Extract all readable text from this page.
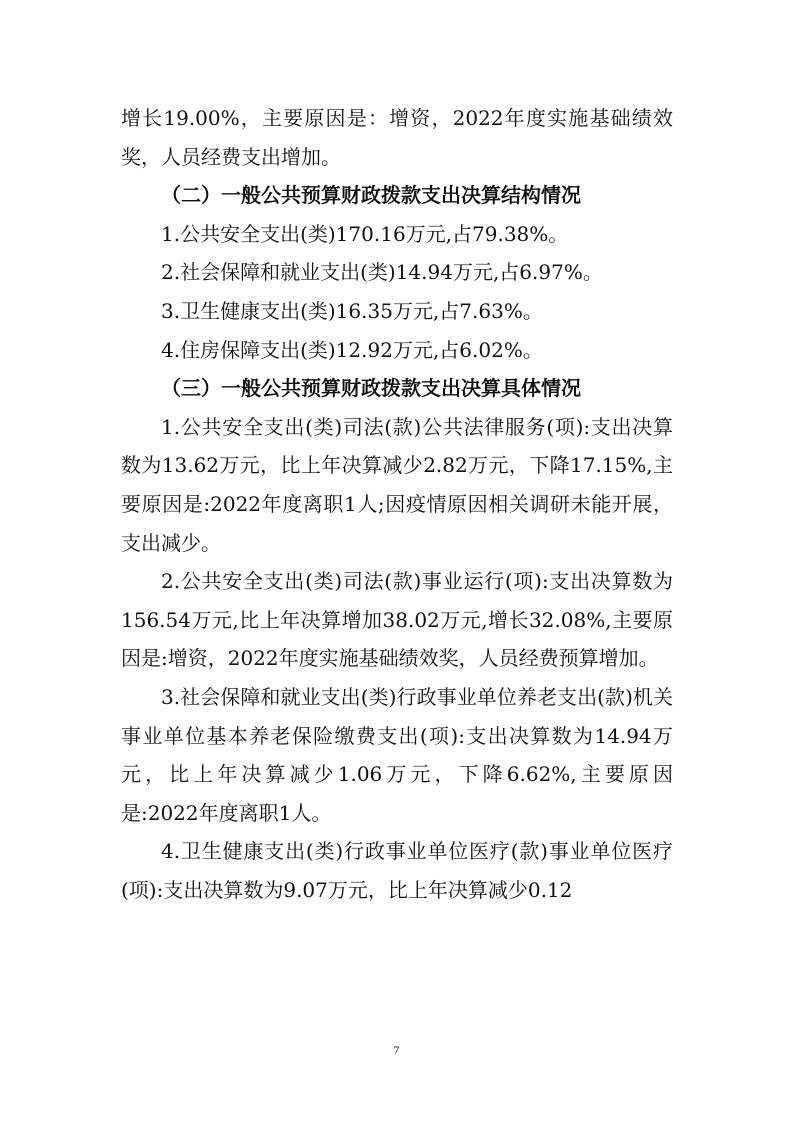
增长19.00%，主要原因是：增资，2022年度实施基础绩效奖，人员经费支出增加。

（二）一般公共预算财政拨款支出决算结构情况

1.公共安全支出(类)170.16万元,占79.38%。

2.社会保障和就业支出(类)14.94万元,占6.97%。

3.卫生健康支出(类)16.35万元,占7.63%。

4.住房保障支出(类)12.92万元,占6.02%。

（三）一般公共预算财政拨款支出决算具体情况

1.公共安全支出(类)司法(款)公共法律服务(项):支出决算数为13.62万元，比上年决算减少2.82万元，下降17.15%,主要原因是:2022年度离职1人;因疫情原因相关调研未能开展，支出减少。

2.公共安全支出(类)司法(款)事业运行(项):支出决算数为156.54万元,比上年决算增加38.02万元,增长32.08%,主要原因是:增资，2022年度实施基础绩效奖，人员经费预算增加。

3.社会保障和就业支出(类)行政事业单位养老支出(款)机关事业单位基本养老保险缴费支出(项):支出决算数为14.94万元，比上年决算减少1.06万元，下降6.62%,主要原因是:2022年度离职1人。

4.卫生健康支出(类)行政事业单位医疗(款)事业单位医疗(项):支出决算数为9.07万元，比上年决算减少0.12

7
